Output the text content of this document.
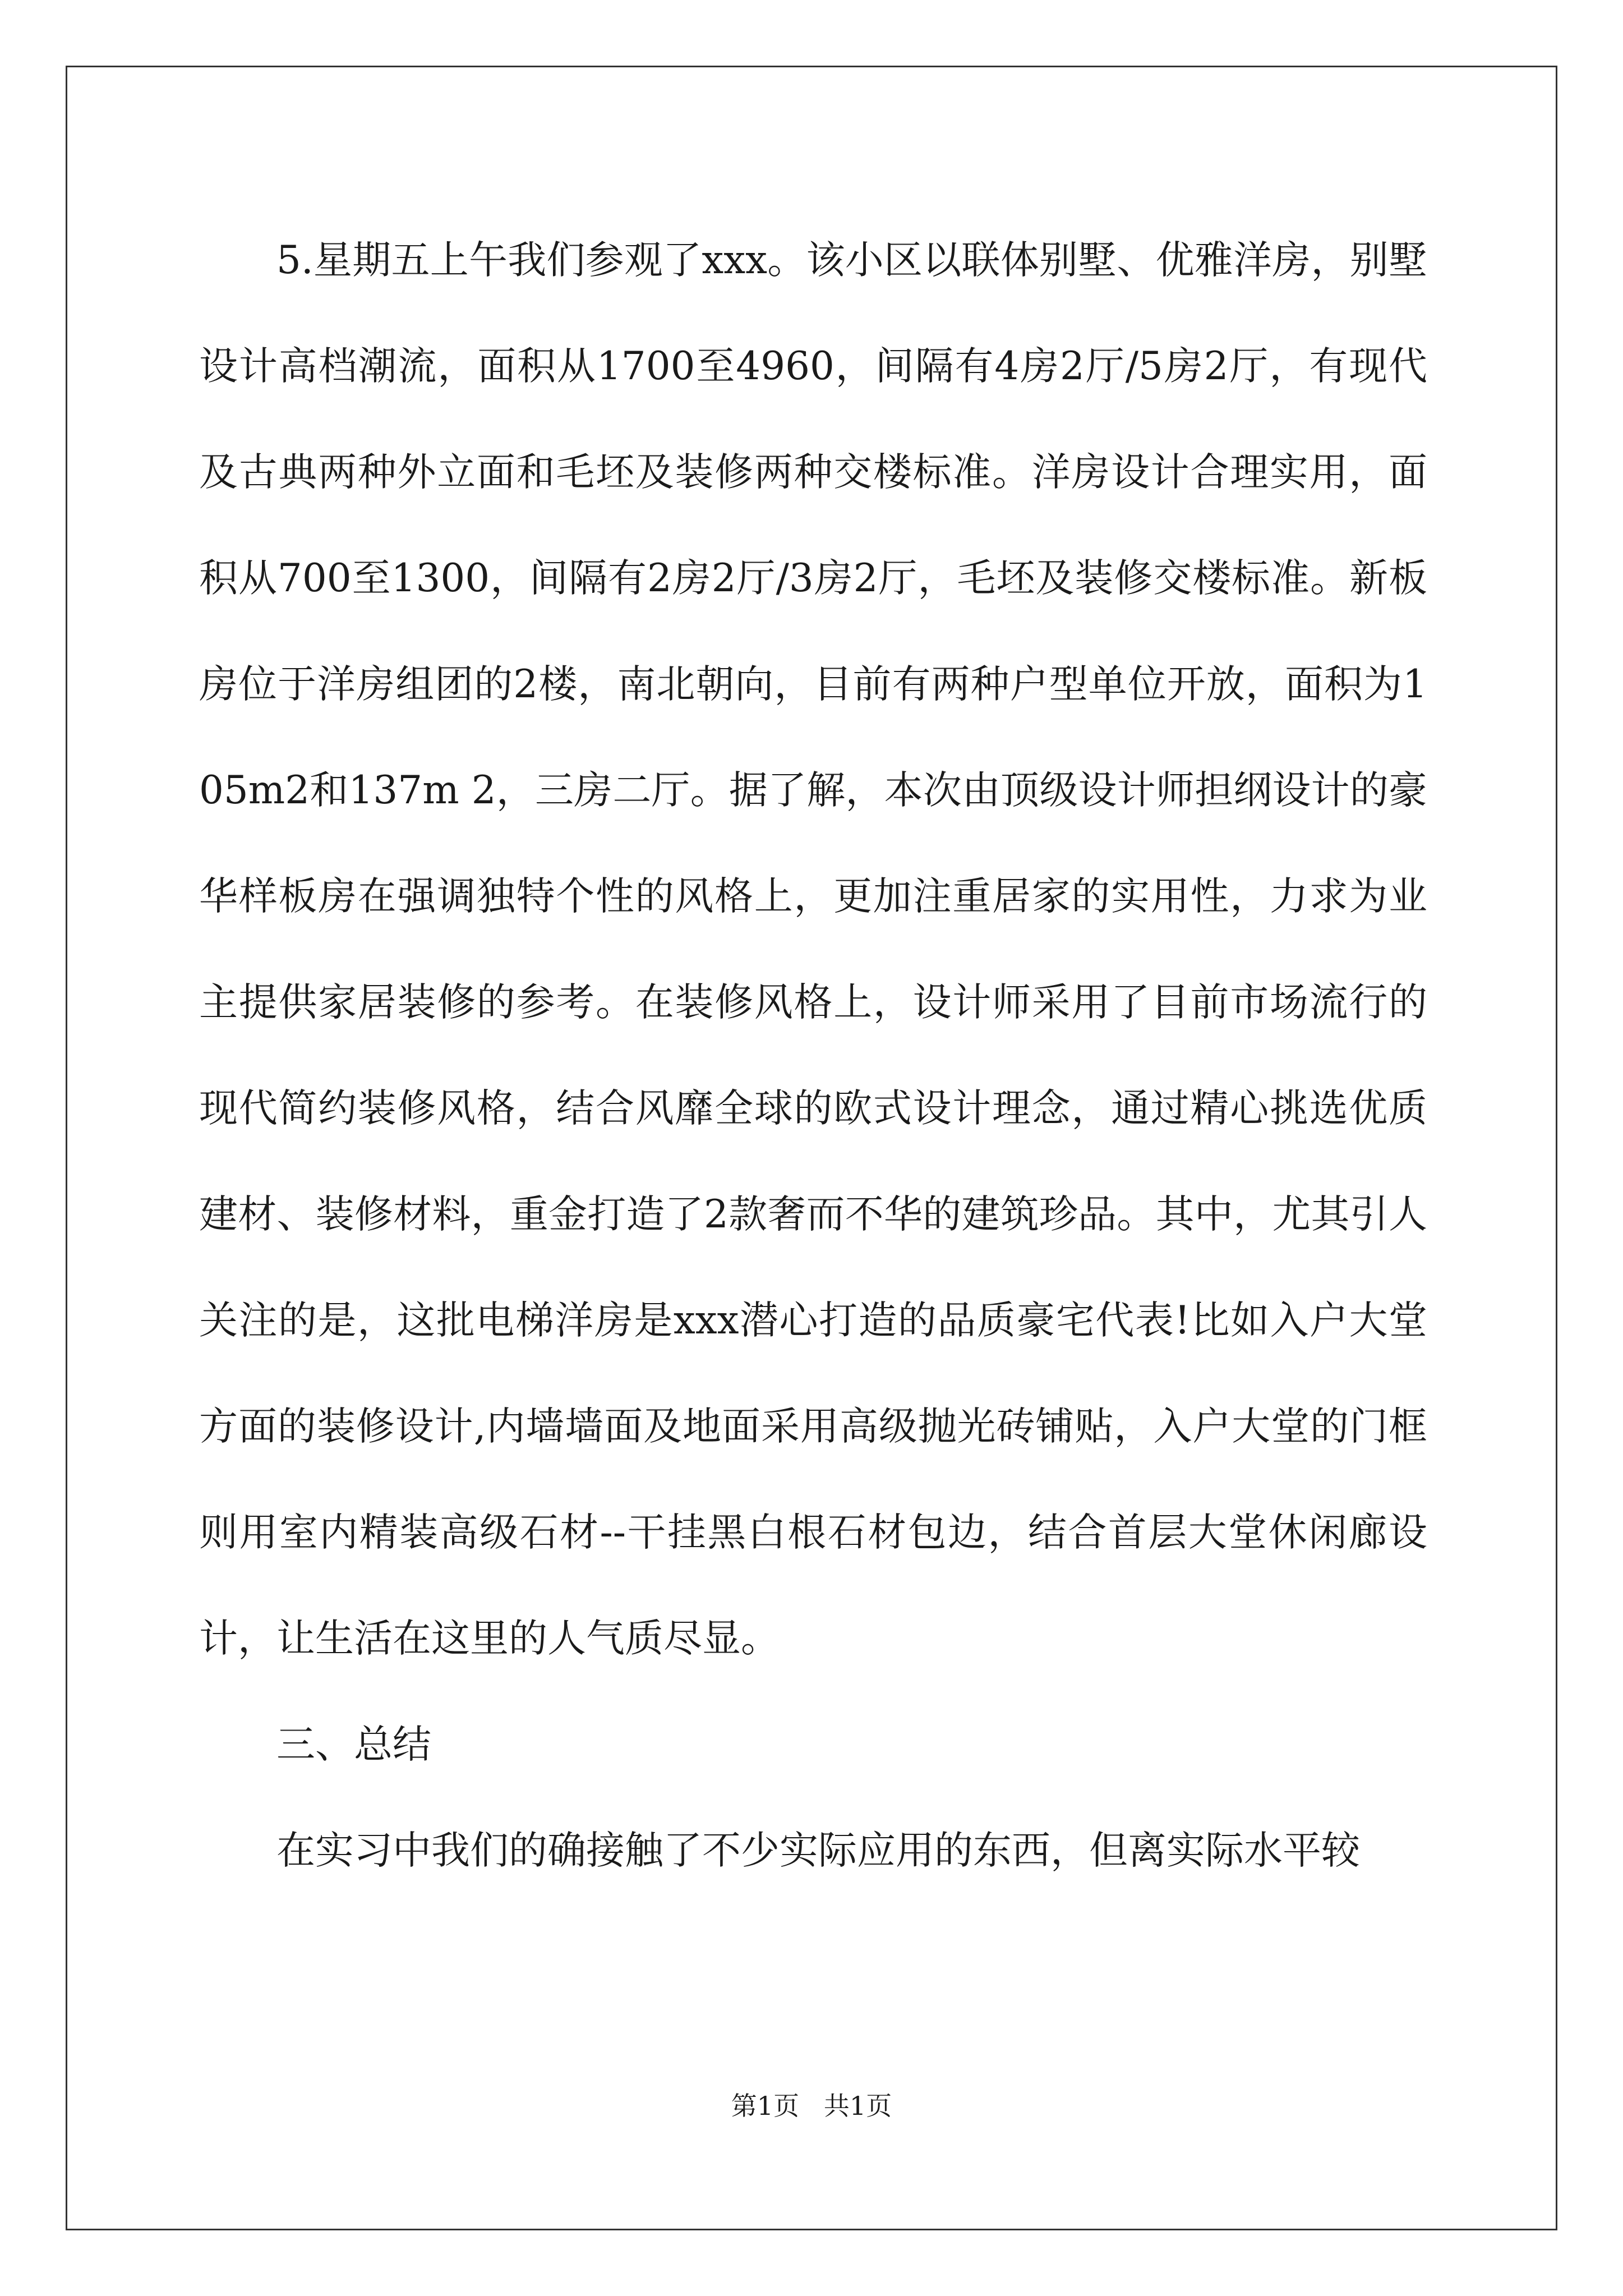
5.星期五上午我们参观了xxx。该小区以联体别墅、优雅洋房，别墅设计高档潮流，面积从1700至4960，间隔有4房2厅/5房2厅，有现代及古典两种外立面和毛坯及装修两种交楼标准。洋房设计合理实用，面积从700至1300，间隔有2房2厅/3房2厅，毛坯及装修交楼标准。新板房位于洋房组团的2楼，南北朝向，目前有两种户型单位开放，面积为105m2和137m 2，三房二厅。据了解，本次由顶级设计师担纲设计的豪华样板房在强调独特个性的风格上，更加注重居家的实用性，力求为业主提供家居装修的参考。在装修风格上，设计师采用了目前市场流行的现代简约装修风格，结合风靡全球的欧式设计理念，通过精心挑选优质建材、装修材料，重金打造了2款奢而不华的建筑珍品。其中，尤其引人关注的是，这批电梯洋房是xxx潜心打造的品质豪宅代表!比如入户大堂方面的装修设计,内墙墙面及地面采用高级抛光砖铺贴，入户大堂的门框则用室内精装高级石材--干挂黑白根石材包边，结合首层大堂休闲廊设计，让生活在这里的人气质尽显。

三、总结

在实习中我们的确接触了不少实际应用的东西，但离实际水平较

第1页   共1页
